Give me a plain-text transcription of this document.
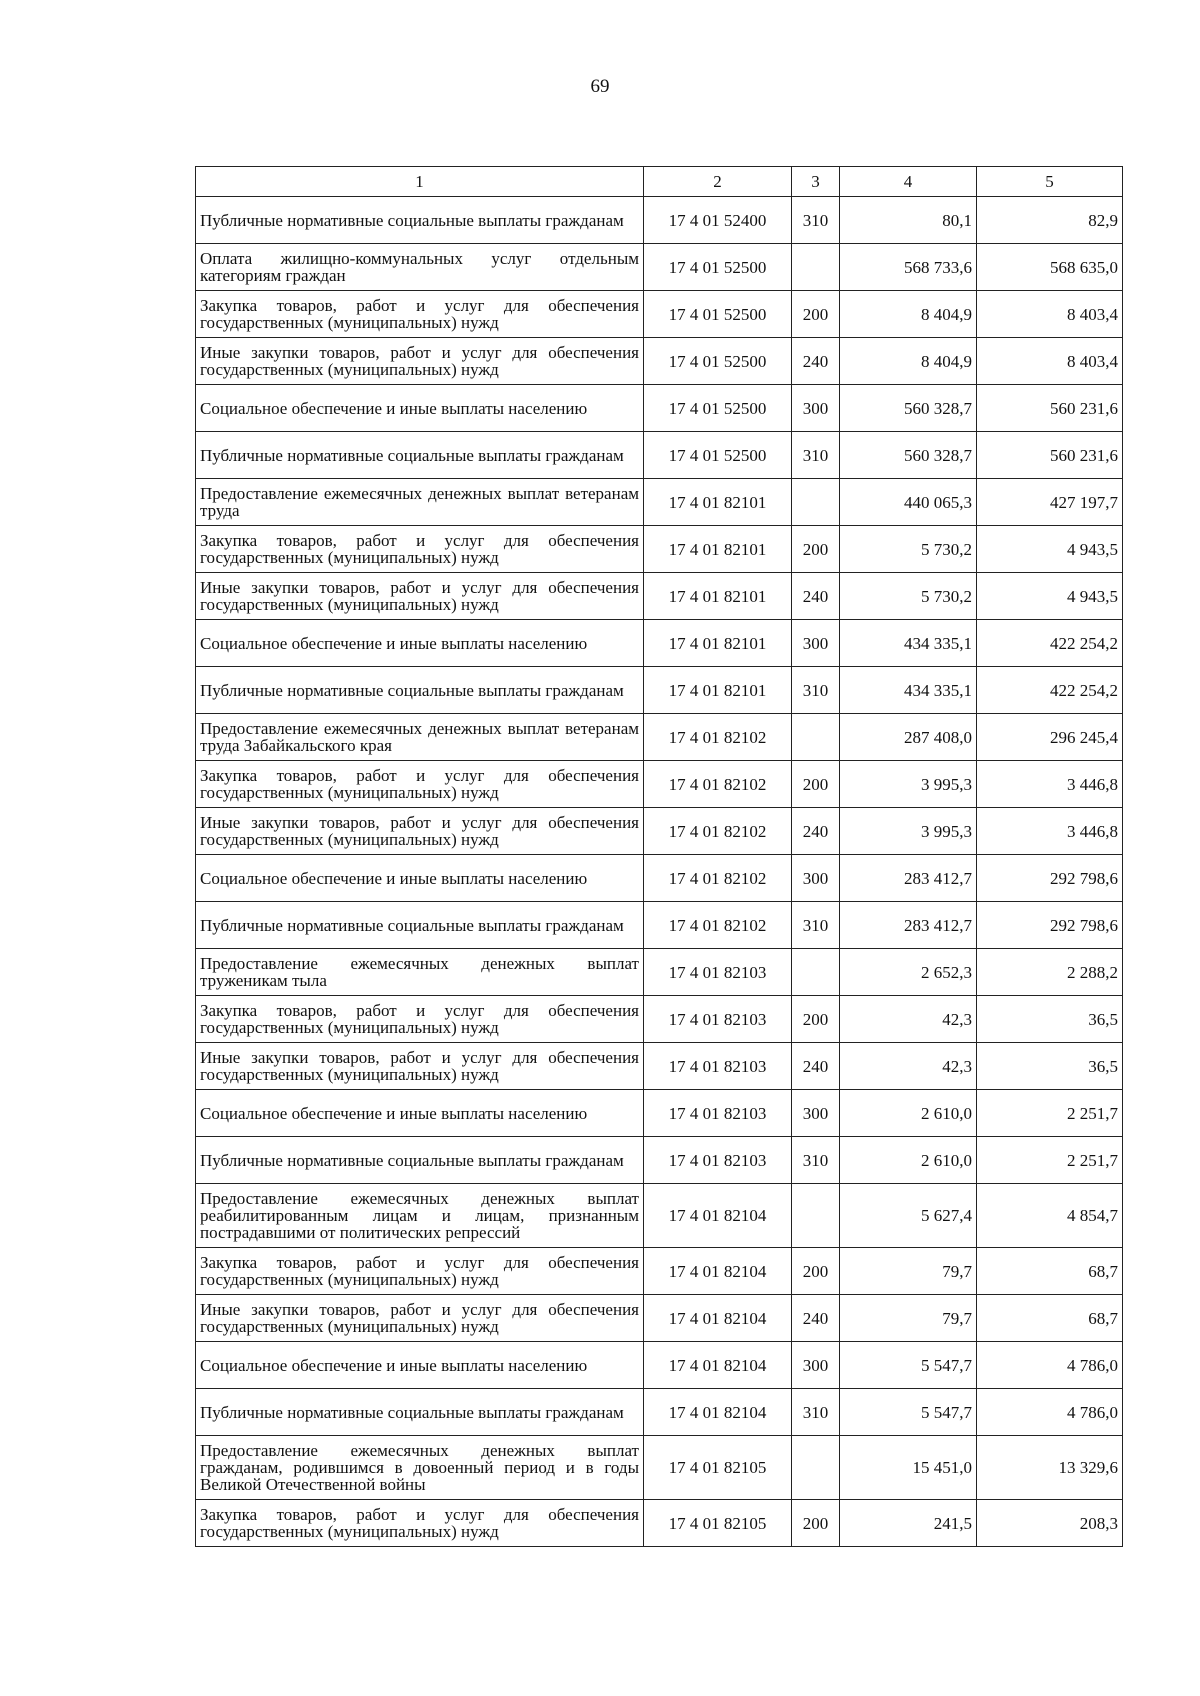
69
1	2	3	4	5
Публичные нормативные социальные выплаты гражданам	17 4 01 52400	310	80,1	82,9
Оплата жилищно-коммунальных услуг отдельным категориям граждан	17 4 01 52500		568 733,6	568 635,0
Закупка товаров, работ и услуг для обеспечения государственных (муниципальных) нужд	17 4 01 52500	200	8 404,9	8 403,4
Иные закупки товаров, работ и услуг для обеспечения государственных (муниципальных) нужд	17 4 01 52500	240	8 404,9	8 403,4
Социальное обеспечение и иные выплаты населению	17 4 01 52500	300	560 328,7	560 231,6
Публичные нормативные социальные выплаты гражданам	17 4 01 52500	310	560 328,7	560 231,6
Предоставление ежемесячных денежных выплат ветеранам труда	17 4 01 82101		440 065,3	427 197,7
Закупка товаров, работ и услуг для обеспечения государственных (муниципальных) нужд	17 4 01 82101	200	5 730,2	4 943,5
Иные закупки товаров, работ и услуг для обеспечения государственных (муниципальных) нужд	17 4 01 82101	240	5 730,2	4 943,5
Социальное обеспечение и иные выплаты населению	17 4 01 82101	300	434 335,1	422 254,2
Публичные нормативные социальные выплаты гражданам	17 4 01 82101	310	434 335,1	422 254,2
Предоставление ежемесячных денежных выплат ветеранам труда Забайкальского края	17 4 01 82102		287 408,0	296 245,4
Закупка товаров, работ и услуг для обеспечения государственных (муниципальных) нужд	17 4 01 82102	200	3 995,3	3 446,8
Иные закупки товаров, работ и услуг для обеспечения государственных (муниципальных) нужд	17 4 01 82102	240	3 995,3	3 446,8
Социальное обеспечение и иные выплаты населению	17 4 01 82102	300	283 412,7	292 798,6
Публичные нормативные социальные выплаты гражданам	17 4 01 82102	310	283 412,7	292 798,6
Предоставление ежемесячных денежных выплат труженикам тыла	17 4 01 82103		2 652,3	2 288,2
Закупка товаров, работ и услуг для обеспечения государственных (муниципальных) нужд	17 4 01 82103	200	42,3	36,5
Иные закупки товаров, работ и услуг для обеспечения государственных (муниципальных) нужд	17 4 01 82103	240	42,3	36,5
Социальное обеспечение и иные выплаты населению	17 4 01 82103	300	2 610,0	2 251,7
Публичные нормативные социальные выплаты гражданам	17 4 01 82103	310	2 610,0	2 251,7
Предоставление ежемесячных денежных выплат реабилитированным лицам и лицам, признанным пострадавшими от политических репрессий	17 4 01 82104		5 627,4	4 854,7
Закупка товаров, работ и услуг для обеспечения государственных (муниципальных) нужд	17 4 01 82104	200	79,7	68,7
Иные закупки товаров, работ и услуг для обеспечения государственных (муниципальных) нужд	17 4 01 82104	240	79,7	68,7
Социальное обеспечение и иные выплаты населению	17 4 01 82104	300	5 547,7	4 786,0
Публичные нормативные социальные выплаты гражданам	17 4 01 82104	310	5 547,7	4 786,0
Предоставление ежемесячных денежных выплат гражданам, родившимся в довоенный период и в годы Великой Отечественной войны	17 4 01 82105		15 451,0	13 329,6
Закупка товаров, работ и услуг для обеспечения государственных (муниципальных) нужд	17 4 01 82105	200	241,5	208,3
